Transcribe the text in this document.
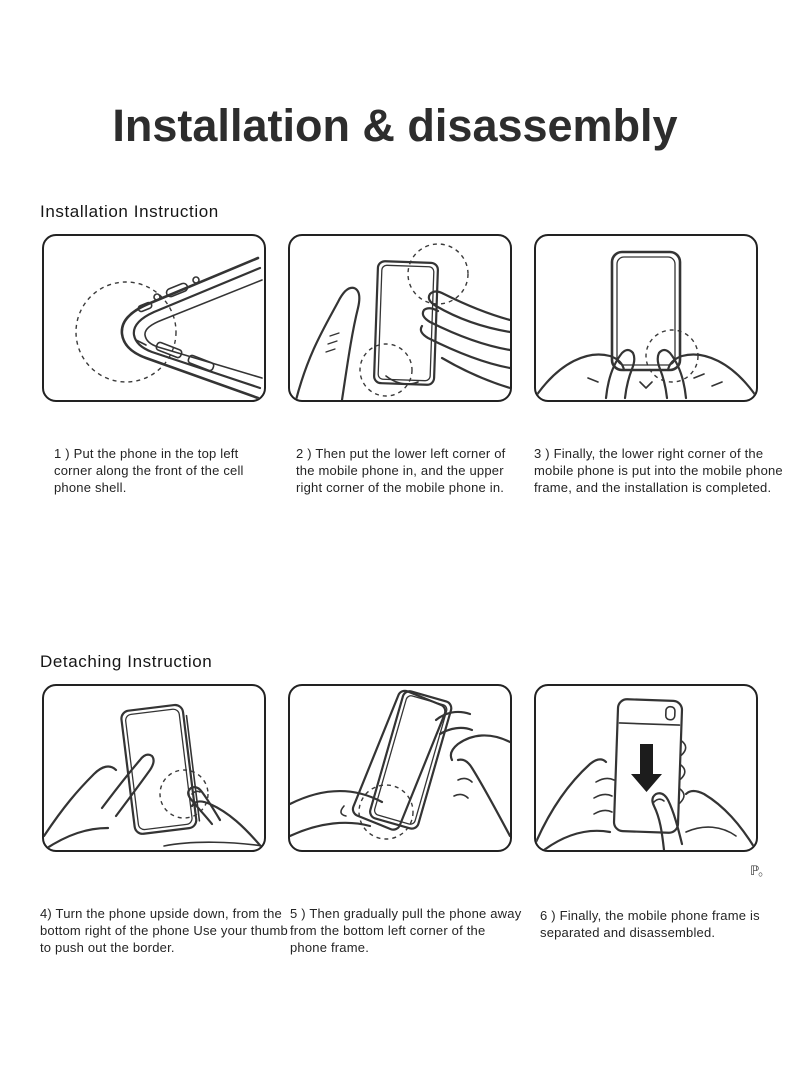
Installation & disassembly
Installation Instruction
1 ) Put the phone in the top left corner along the front of the cell phone shell.
2 ) Then put the lower left corner of the mobile phone in, and the upper right corner of the mobile phone in.
3 ) Finally, the lower right corner of the mobile phone is put into the mobile phone frame, and the installation is completed.
Detaching Instruction
ℙ。
4) Turn the phone upside down, from the bottom right of the phone Use your thumb to push out the border.
5 ) Then gradually pull the phone away from the bottom left corner of the phone frame.
6 ) Finally, the mobile phone frame is separated and disassembled.
